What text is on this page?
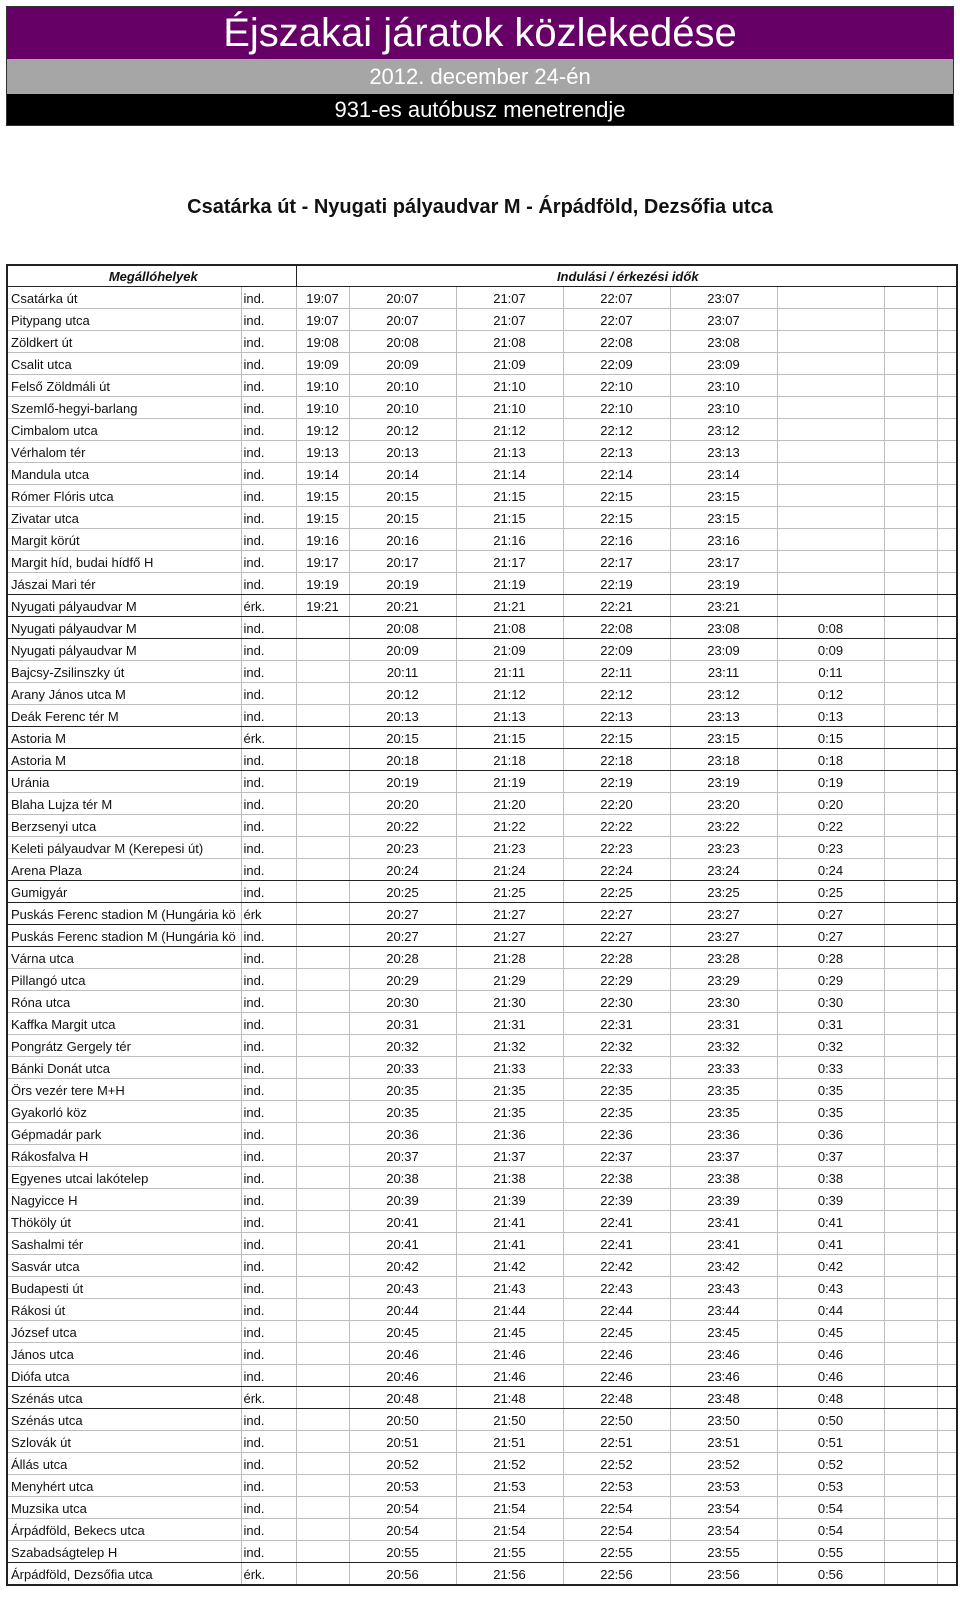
Éjszakai járatok közlekedése
2012. december 24-én
931-es autóbusz menetrendje
Csatárka út - Nyugati pályaudvar M - Árpádföld, Dezsőfia utca
Megállóhelyek		Indulási / érkezési idők							
Csatárka út	ind.	19:07	20:07	21:07	22:07	23:07			
Pitypang utca	ind.	19:07	20:07	21:07	22:07	23:07			
Zöldkert út	ind.	19:08	20:08	21:08	22:08	23:08			
Csalit utca	ind.	19:09	20:09	21:09	22:09	23:09			
Felső Zöldmáli út	ind.	19:10	20:10	21:10	22:10	23:10			
Szemlő-hegyi-barlang	ind.	19:10	20:10	21:10	22:10	23:10			
Cimbalom utca	ind.	19:12	20:12	21:12	22:12	23:12			
Vérhalom tér	ind.	19:13	20:13	21:13	22:13	23:13			
Mandula utca	ind.	19:14	20:14	21:14	22:14	23:14			
Rómer Flóris utca	ind.	19:15	20:15	21:15	22:15	23:15			
Zivatar utca	ind.	19:15	20:15	21:15	22:15	23:15			
Margit körút	ind.	19:16	20:16	21:16	22:16	23:16			
Margit híd, budai hídfő H	ind.	19:17	20:17	21:17	22:17	23:17			
Jászai Mari tér	ind.	19:19	20:19	21:19	22:19	23:19			
Nyugati pályaudvar M	érk.	19:21	20:21	21:21	22:21	23:21			
Nyugati pályaudvar M	ind.		20:08	21:08	22:08	23:08	0:08		
Nyugati pályaudvar M	ind.		20:09	21:09	22:09	23:09	0:09		
Bajcsy-Zsilinszky út	ind.		20:11	21:11	22:11	23:11	0:11		
Arany János utca M	ind.		20:12	21:12	22:12	23:12	0:12		
Deák Ferenc tér M	ind.		20:13	21:13	22:13	23:13	0:13		
Astoria M	érk.		20:15	21:15	22:15	23:15	0:15		
Astoria M	ind.		20:18	21:18	22:18	23:18	0:18		
Uránia	ind.		20:19	21:19	22:19	23:19	0:19		
Blaha Lujza tér M	ind.		20:20	21:20	22:20	23:20	0:20		
Berzsenyi utca	ind.		20:22	21:22	22:22	23:22	0:22		
Keleti pályaudvar M (Kerepesi út)	ind.		20:23	21:23	22:23	23:23	0:23		
Arena Plaza	ind.		20:24	21:24	22:24	23:24	0:24		
Gumigyár	ind.		20:25	21:25	22:25	23:25	0:25		
Puskás Ferenc stadion M (Hungária kö	érk		20:27	21:27	22:27	23:27	0:27		
Puskás Ferenc stadion M (Hungária kö	ind.		20:27	21:27	22:27	23:27	0:27		
Várna utca	ind.		20:28	21:28	22:28	23:28	0:28		
Pillangó utca	ind.		20:29	21:29	22:29	23:29	0:29		
Róna utca	ind.		20:30	21:30	22:30	23:30	0:30		
Kaffka Margit utca	ind.		20:31	21:31	22:31	23:31	0:31		
Pongrátz Gergely tér	ind.		20:32	21:32	22:32	23:32	0:32		
Bánki Donát utca	ind.		20:33	21:33	22:33	23:33	0:33		
Örs vezér tere M+H	ind.		20:35	21:35	22:35	23:35	0:35		
Gyakorló köz	ind.		20:35	21:35	22:35	23:35	0:35		
Gépmadár park	ind.		20:36	21:36	22:36	23:36	0:36		
Rákosfalva H	ind.		20:37	21:37	22:37	23:37	0:37		
Egyenes utcai lakótelep	ind.		20:38	21:38	22:38	23:38	0:38		
Nagyicce H	ind.		20:39	21:39	22:39	23:39	0:39		
Thököly út	ind.		20:41	21:41	22:41	23:41	0:41		
Sashalmi tér	ind.		20:41	21:41	22:41	23:41	0:41		
Sasvár utca	ind.		20:42	21:42	22:42	23:42	0:42		
Budapesti út	ind.		20:43	21:43	22:43	23:43	0:43		
Rákosi út	ind.		20:44	21:44	22:44	23:44	0:44		
József utca	ind.		20:45	21:45	22:45	23:45	0:45		
János utca	ind.		20:46	21:46	22:46	23:46	0:46		
Diófa utca	ind.		20:46	21:46	22:46	23:46	0:46		
Szénás utca	érk.		20:48	21:48	22:48	23:48	0:48		
Szénás utca	ind.		20:50	21:50	22:50	23:50	0:50		
Szlovák út	ind.		20:51	21:51	22:51	23:51	0:51		
Állás utca	ind.		20:52	21:52	22:52	23:52	0:52		
Menyhért utca	ind.		20:53	21:53	22:53	23:53	0:53		
Muzsika utca	ind.		20:54	21:54	22:54	23:54	0:54		
Árpádföld, Bekecs utca	ind.		20:54	21:54	22:54	23:54	0:54		
Szabadságtelep H	ind.		20:55	21:55	22:55	23:55	0:55		
Árpádföld, Dezsőfia utca	érk.		20:56	21:56	22:56	23:56	0:56		
